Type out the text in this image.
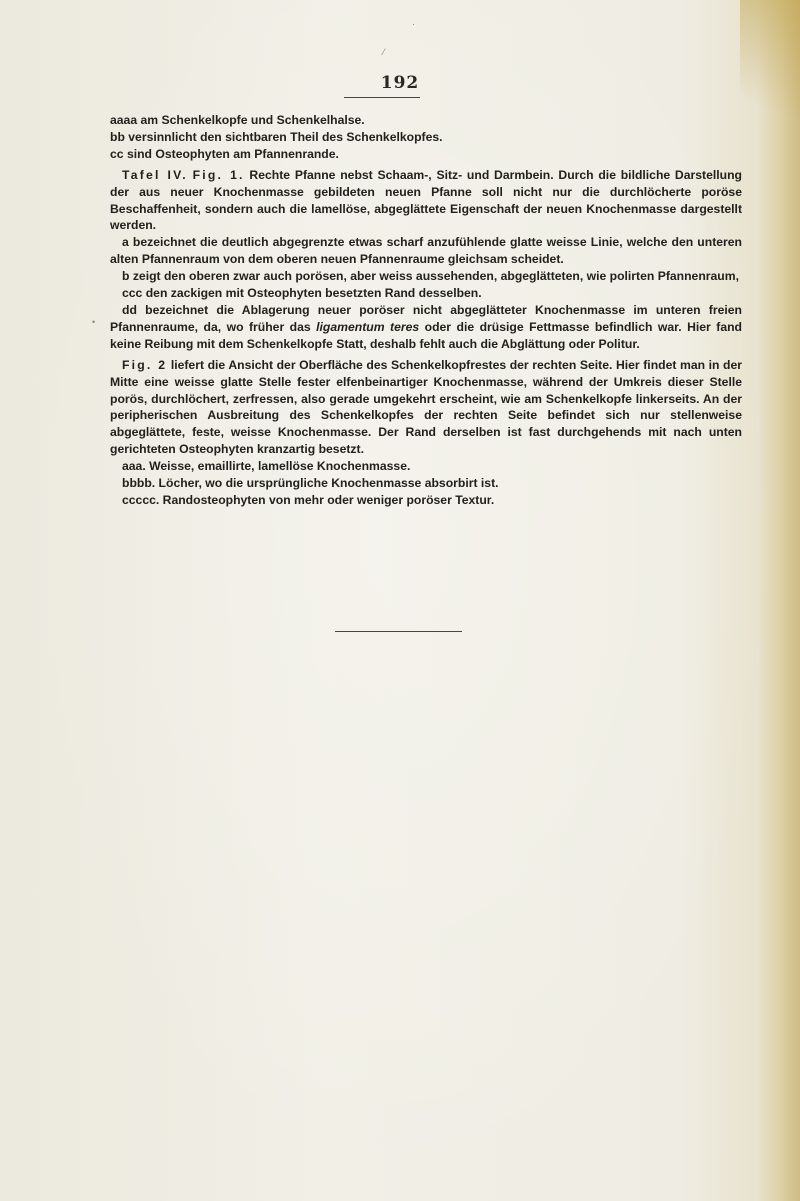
·
⁄
•
192

aaaa am Schenkelkopfe und Schenkelhalse.

bb versinnlicht den sichtbaren Theil des Schenkelkopfes.

cc sind Osteophyten am Pfannenrande.

Tafel IV. Fig. 1. Rechte Pfanne nebst Schaam-, Sitz- und Darmbein. Durch die bildliche Darstellung der aus neuer Knochenmasse gebildeten neuen Pfanne soll nicht nur die durchlöcherte poröse Beschaffenheit, sondern auch die lamellöse, abgeglättete Eigenschaft der neuen Knochenmasse dargestellt werden.

a bezeichnet die deutlich abgegrenzte etwas scharf anzufühlende glatte weisse Linie, welche den unteren alten Pfannenraum von dem oberen neuen Pfannenraume gleichsam scheidet.

b zeigt den oberen zwar auch porösen, aber weiss aussehenden, abgeglätteten, wie polirten Pfannenraum,

ccc den zackigen mit Osteophyten besetzten Rand desselben.

dd bezeichnet die Ablagerung neuer poröser nicht abgeglätteter Knochenmasse im unteren freien Pfannenraume, da, wo früher das ligamentum teres oder die drüsige Fettmasse befindlich war. Hier fand keine Reibung mit dem Schenkelkopfe Statt, deshalb fehlt auch die Abglättung oder Politur.

Fig. 2 liefert die Ansicht der Oberfläche des Schenkelkopfrestes der rechten Seite. Hier findet man in der Mitte eine weisse glatte Stelle fester elfenbeinartiger Knochenmasse, während der Umkreis dieser Stelle porös, durchlöchert, zerfressen, also gerade umgekehrt erscheint, wie am Schenkelkopfe linkerseits. An der peripherischen Ausbreitung des Schenkelkopfes der rechten Seite befindet sich nur stellenweise abgeglättete, feste, weisse Knochenmasse. Der Rand derselben ist fast durchgehends mit nach unten gerichteten Osteophyten kranzartig besetzt.

aaa. Weisse, emaillirte, lamellöse Knochenmasse.

bbbb. Löcher, wo die ursprüngliche Knochenmasse absorbirt ist.

ccccc. Randosteophyten von mehr oder weniger poröser Textur.
